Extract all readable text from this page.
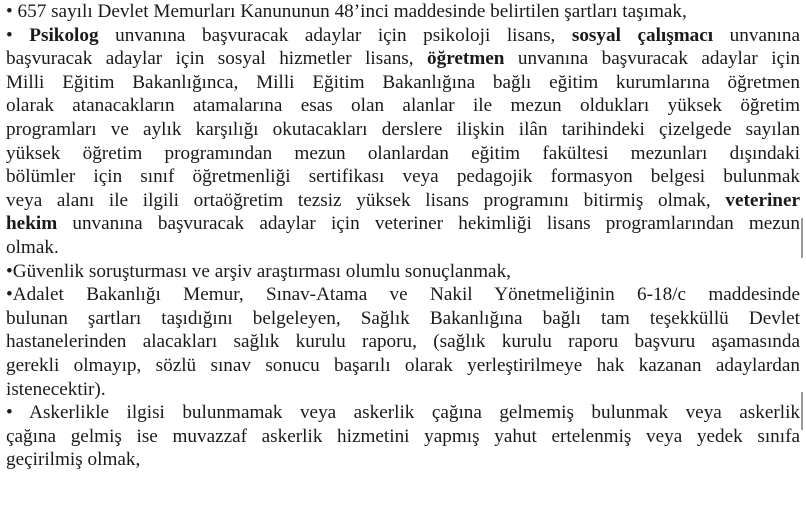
• 657 sayılı Devlet Memurları Kanununun 48’inci maddesinde belirtilen şartları taşımak,
• Psikolog unvanına başvuracak adaylar için psikoloji lisans, sosyal çalışmacı unvanına
başvuracak adaylar için sosyal hizmetler lisans, öğretmen unvanına başvuracak adaylar için
Milli Eğitim Bakanlığınca, Milli Eğitim Bakanlığına bağlı eğitim kurumlarına öğretmen
olarak atanacakların atamalarına esas olan alanlar ile mezun oldukları yüksek öğretim
programları ve aylık karşılığı okutacakları derslere ilişkin ilân tarihindeki çizelgede sayılan
yüksek öğretim programından mezun olanlardan eğitim fakültesi mezunları dışındaki
bölümler için sınıf öğretmenliği sertifikası veya pedagojik formasyon belgesi bulunmak
veya alanı ile ilgili ortaöğretim tezsiz yüksek lisans programını bitirmiş olmak, veteriner
hekim unvanına başvuracak adaylar için veteriner hekimliği lisans programlarından mezun
olmak.
•Güvenlik soruşturması ve arşiv araştırması olumlu sonuçlanmak,
•Adalet Bakanlığı Memur, Sınav-Atama ve Nakil Yönetmeliğinin 6-18/c maddesinde
bulunan şartları taşıdığını belgeleyen, Sağlık Bakanlığına bağlı tam teşekküllü Devlet
hastanelerinden alacakları sağlık kurulu raporu, (sağlık kurulu raporu başvuru aşamasında
gerekli olmayıp, sözlü sınav sonucu başarılı olarak yerleştirilmeye hak kazanan adaylardan
istenecektir).
• Askerlikle ilgisi bulunmamak veya askerlik çağına gelmemiş bulunmak veya askerlik
çağına gelmiş ise muvazzaf askerlik hizmetini yapmış yahut ertelenmiş veya yedek sınıfa
geçirilmiş olmak,
